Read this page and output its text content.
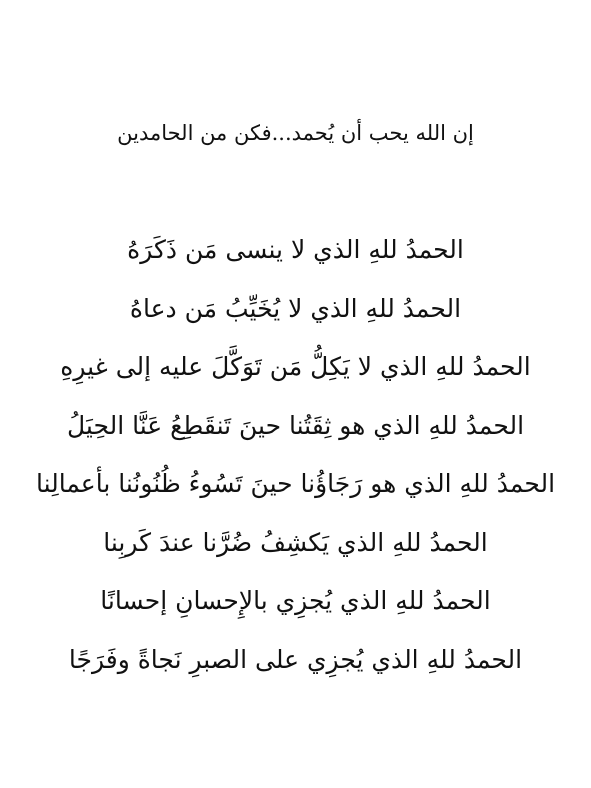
إن الله يحب أن يُحمد...فكن من الحامدين
الحمدُ للهِ الذي لا ينسى مَن ذَكَرَهُ
الحمدُ للهِ الذي لا يُخَيِّبُ مَن دعاهُ
الحمدُ للهِ الذي لا يَكِلُّ مَن تَوَكَّلَ عليه إلى غيرِهِ
الحمدُ للهِ الذي هو ثِقَتُنا حينَ تَنقَطِعُ عَنَّا الحِيَلُ
الحمدُ للهِ الذي هو رَجَاؤُنا حينَ تَسُوءُ ظُنُونُنا بأعمالِنا
الحمدُ للهِ الذي يَكشِفُ ضُرَّنا عندَ كَربِنا
الحمدُ للهِ الذي يُجزِي بالإِحسانِ إحسانًا
الحمدُ للهِ الذي يُجزِي على الصبرِ نَجاةً وفَرَجًا
